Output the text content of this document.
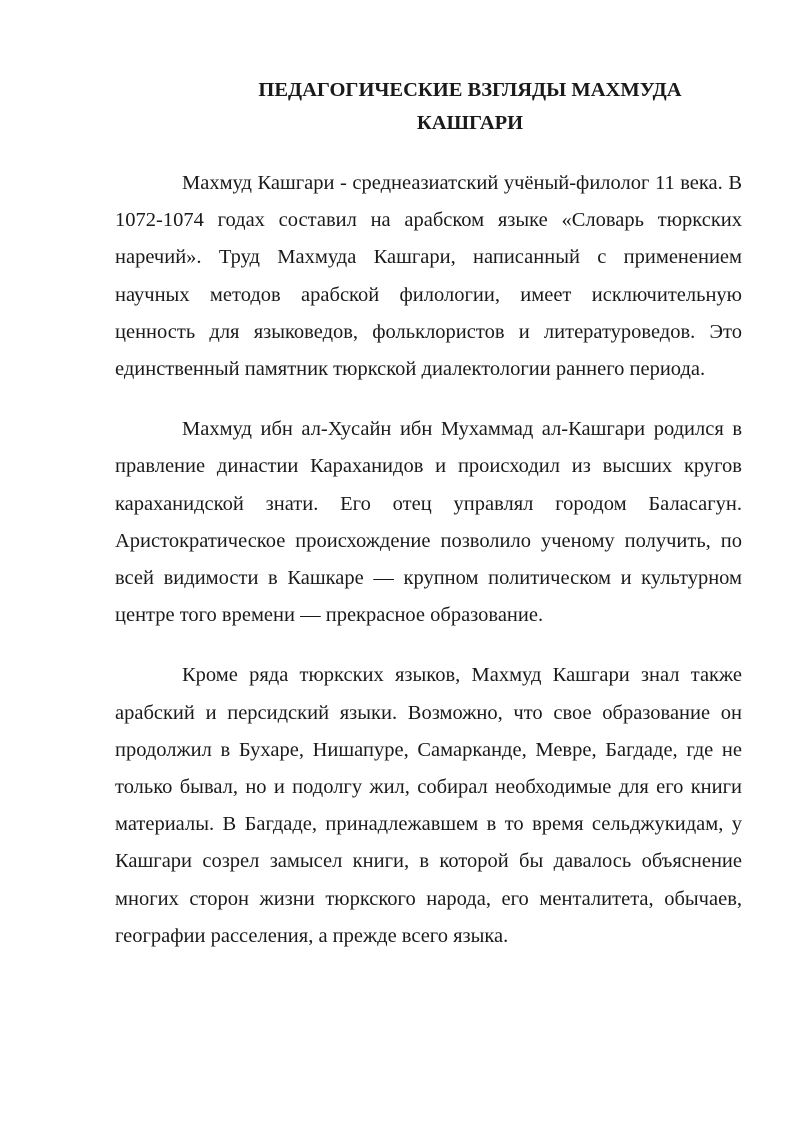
ПЕДАГОГИЧЕСКИЕ ВЗГЛЯДЫ МАХМУДА
КАШГАРИ

Махмуд Кашгари - среднеазиатский учёный-филолог 11 века. В 1072-1074 годах составил на арабском языке «Словарь тюркских наречий». Труд Махмуда Кашгари, написанный с применением научных методов арабской филологии, имеет исключительную ценность для языковедов, фольклористов и литературоведов. Это единственный памятник тюркской диалектологии раннего периода.

Махмуд ибн ал-Хусайн ибн Мухаммад ал-Кашгари родился в правление династии Караханидов и происходил из высших кругов караханидской знати. Его отец управлял городом Баласагун. Аристократическое происхождение позволило ученому получить, по всей видимости в Кашкаре — крупном политическом и культурном центре того времени — прекрасное образование.

Кроме ряда тюркских языков, Махмуд Кашгари знал также арабский и персидский языки. Возможно, что свое образование он продолжил в Бухаре, Нишапуре, Самарканде, Мевре, Багдаде, где не только бывал, но и подолгу жил, собирал необходимые для его книги материалы. В Багдаде, принадлежавшем в то время сельджукидам, у Кашгари созрел замысел книги, в которой бы давалось объяснение многих сторон жизни тюркского народа, его менталитета, обычаев, географии расселения, а прежде всего языка.
